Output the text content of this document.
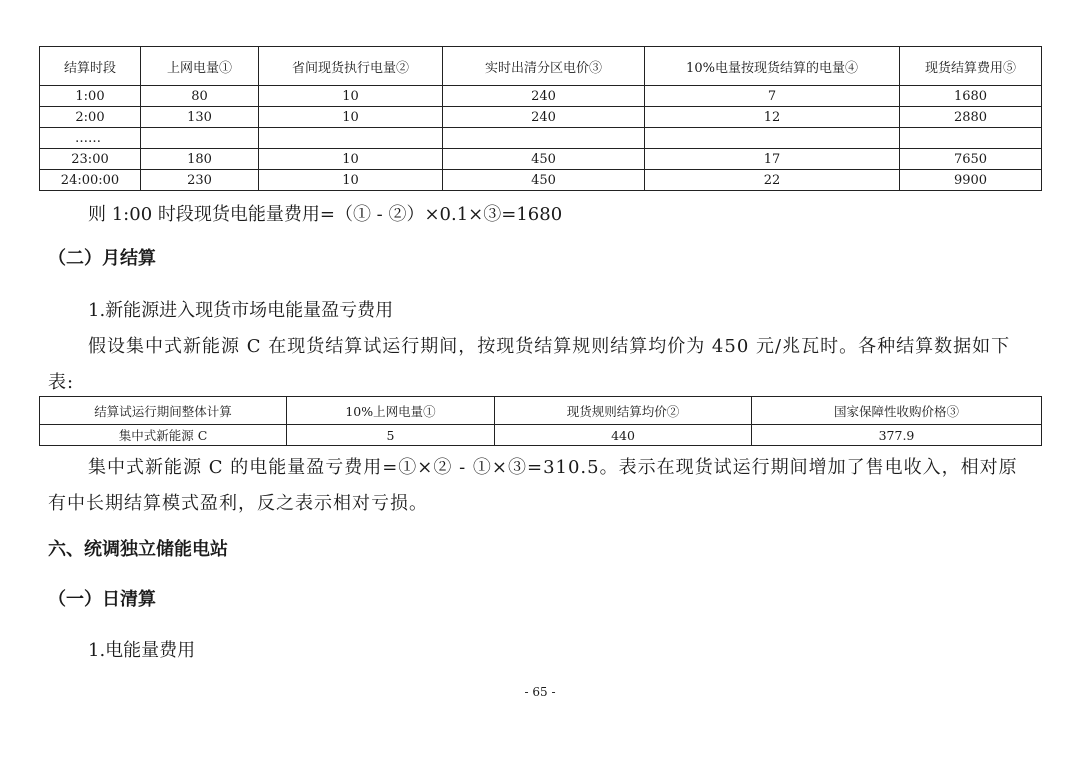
结算时段	上网电量①	省间现货执行电量②	实时出清分区电价③	10%电量按现货结算的电量④	现货结算费用⑤
1:00	80	10	240	7	1680
2:00	130	10	240	12	2880
……					
23:00	180	10	450	17	7650
24:00:00	230	10	450	22	9900

则 1:00 时段现货电能量费用=（① - ②）×0.1×③=1680

（二）月结算

1.新能源进入现货市场电能量盈亏费用

假设集中式新能源 C 在现货结算试运行期间，按现货结算规则结算均价为 450 元/兆瓦时。各种结算数据如下表:

结算试运行期间整体计算	10%上网电量①	现货规则结算均价②	国家保障性收购价格③
集中式新能源 C	5	440	377.9

集中式新能源 C 的电能量盈亏费用=①×② - ①×③=310.5。表示在现货试运行期间增加了售电收入，相对原有中长期结算模式盈利，反之表示相对亏损。

六、统调独立储能电站

（一）日清算

1.电能量费用

- 65 -
